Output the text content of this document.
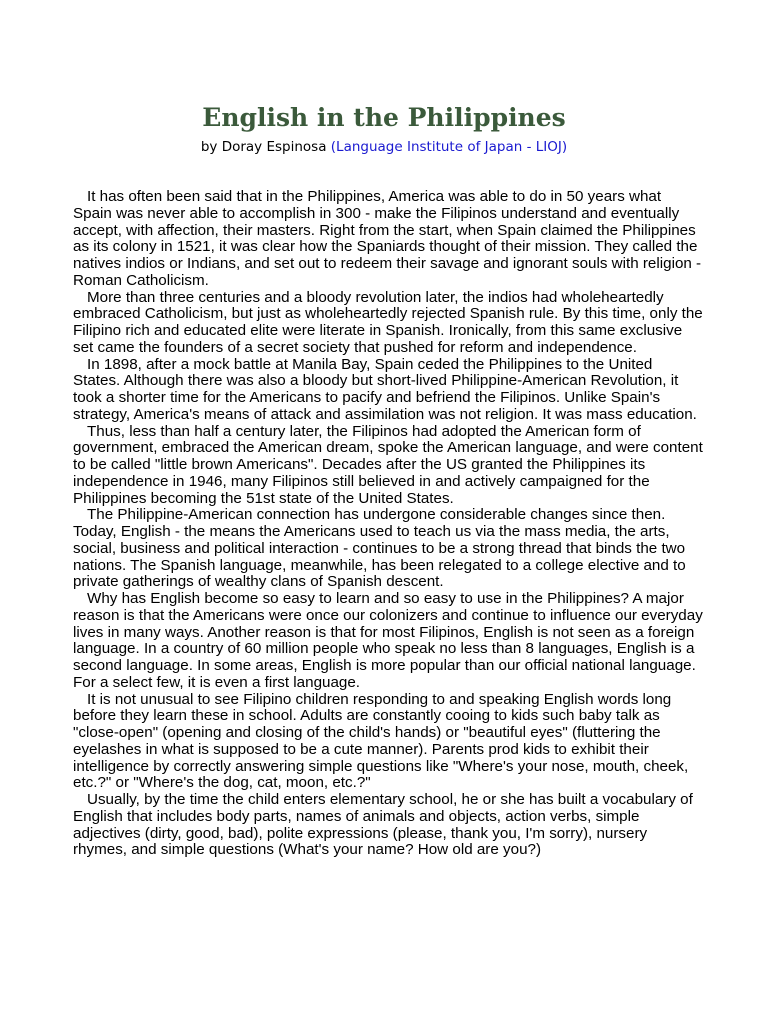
English in the Philippines
by Doray Espinosa (Language Institute of Japan - LIOJ)

It has often been said that in the Philippines, America was able to do in 50 years what Spain was never able to accomplish in 300 - make the Filipinos understand and eventually accept, with affection, their masters. Right from the start, when Spain claimed the Philippines as its colony in 1521, it was clear how the Spaniards thought of their mission. They called the natives indios or Indians, and set out to redeem their savage and ignorant souls with religion - Roman Catholicism.

More than three centuries and a bloody revolution later, the indios had wholeheartedly embraced Catholicism, but just as wholeheartedly rejected Spanish rule. By this time, only the Filipino rich and educated elite were literate in Spanish. Ironically, from this same exclusive set came the founders of a secret society that pushed for reform and independence.

In 1898, after a mock battle at Manila Bay, Spain ceded the Philippines to the United States. Although there was also a bloody but short-lived Philippine-American Revolution, it took a shorter time for the Americans to pacify and befriend the Filipinos. Unlike Spain's strategy, America's means of attack and assimilation was not religion. It was mass education.

Thus, less than half a century later, the Filipinos had adopted the American form of government, embraced the American dream, spoke the American language, and were content to be called "little brown Americans". Decades after the US granted the Philippines its independence in 1946, many Filipinos still believed in and actively campaigned for the Philippines becoming the 51st state of the United States.

The Philippine-American connection has undergone considerable changes since then. Today, English - the means the Americans used to teach us via the mass media, the arts, social, business and political interaction - continues to be a strong thread that binds the two nations. The Spanish language, meanwhile, has been relegated to a college elective and to private gatherings of wealthy clans of Spanish descent.

Why has English become so easy to learn and so easy to use in the Philippines? A major reason is that the Americans were once our colonizers and continue to influence our everyday lives in many ways. Another reason is that for most Filipinos, English is not seen as a foreign language. In a country of 60 million people who speak no less than 8 languages, English is a second language. In some areas, English is more popular than our official national language. For a select few, it is even a first language.

It is not unusual to see Filipino children responding to and speaking English words long before they learn these in school. Adults are constantly cooing to kids such baby talk as "close-open" (opening and closing of the child's hands) or "beautiful eyes" (fluttering the eyelashes in what is supposed to be a cute manner). Parents prod kids to exhibit their intelligence by correctly answering simple questions like "Where's your nose, mouth, cheek, etc.?" or "Where's the dog, cat, moon, etc.?"

Usually, by the time the child enters elementary school, he or she has built a vocabulary of English that includes body parts, names of animals and objects, action verbs, simple adjectives (dirty, good, bad), polite expressions (please, thank you, I'm sorry), nursery rhymes, and simple questions (What's your name? How old are you?)
